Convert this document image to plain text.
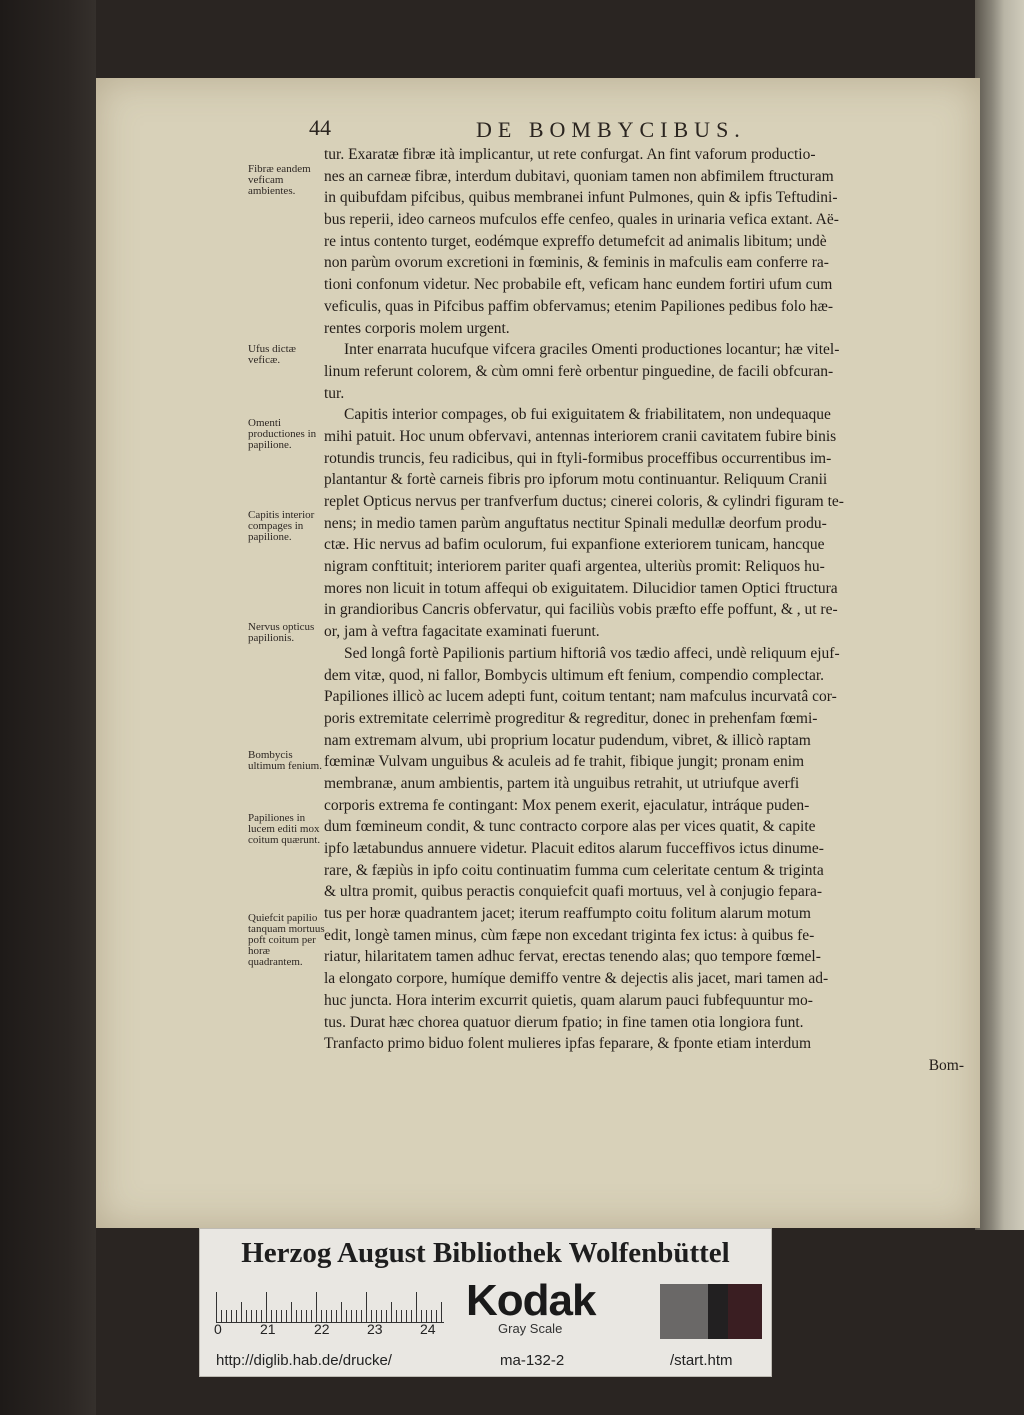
44	DE BOMBYCIBUS.
Fibræ eandem veficam ambientes.
Ufus dictæ veficæ.
Omenti productiones in papilione.
Capitis interior compages in papilione.
Nervus opticus papilionis.
Bombycis ultimum fenium.
Papiliones in lucem editi mox coitum quærunt.
Quiefcit papilio tanquam mortuus poft coitum per horæ quadrantem.
tur. Exaratæ fibræ ità implicantur, ut rete confurgat. An fint vaforum productio-
nes an carneæ fibræ, interdum dubitavi, quoniam tamen non abfimilem ftructuram
in quibufdam pifcibus, quibus membranei infunt Pulmones, quin & ipfis Teftudini-
bus reperii, ideo carneos mufculos effe cenfeo, quales in urinaria vefica extant. Aë-
re intus contento turget, eodémque expreffo detumefcit ad animalis libitum; undè
non parùm ovorum excretioni in fœminis, & feminis in mafculis eam conferre ra-
tioni confonum videtur. Nec probabile eft, veficam hanc eundem fortiri ufum cum
veficulis, quas in Pifcibus paffim obfervamus; etenim Papiliones pedibus folo hæ-
rentes corporis molem urgent.
Inter enarrata hucufque vifcera graciles Omenti productiones locantur; hæ vitel-
linum referunt colorem, & cùm omni ferè orbentur pinguedine, de facili obfcuran-
tur.
Capitis interior compages, ob fui exiguitatem & friabilitatem, non undequaque
mihi patuit. Hoc unum obfervavi, antennas interiorem cranii cavitatem fubire binis
rotundis truncis, feu radicibus, qui in ftyli-formibus proceffibus occurrentibus im-
plantantur & fortè carneis fibris pro ipforum motu continuantur. Reliquum Cranii
replet Opticus nervus per tranfverfum ductus; cinerei coloris, & cylindri figuram te-
nens; in medio tamen parùm anguftatus nectitur Spinali medullæ deorfum produ-
ctæ. Hic nervus ad bafim oculorum, fui expanfione exteriorem tunicam, hancque
nigram conftituit; interiorem pariter quafi argentea, ulteriùs promit: Reliquos hu-
mores non licuit in totum affequi ob exiguitatem. Dilucidior tamen Optici ftructura
in grandioribus Cancris obfervatur, qui faciliùs vobis præfto effe poffunt, & , ut re-
or, jam à veftra fagacitate examinati fuerunt.
Sed longâ fortè Papilionis partium hiftoriâ vos tædio affeci, undè reliquum ejuf-
dem vitæ, quod, ni fallor, Bombycis ultimum eft fenium, compendio complectar.
Papiliones illicò ac lucem adepti funt, coitum tentant; nam mafculus incurvatâ cor-
poris extremitate celerrimè progreditur & regreditur, donec in prehenfam fœmi-
nam extremam alvum, ubi proprium locatur pudendum, vibret, & illicò raptam
fœminæ Vulvam unguibus & aculeis ad fe trahit, fibique jungit; pronam enim
membranæ, anum ambientis, partem ità unguibus retrahit, ut utriufque averfi
corporis extrema fe contingant: Mox penem exerit, ejaculatur, intráque puden-
dum fœmineum condit, & tunc contracto corpore alas per vices quatit, & capite
ipfo lætabundus annuere videtur. Placuit editos alarum fucceffivos ictus dinume-
rare, & fæpiùs in ipfo coitu continuatim fumma cum celeritate centum & triginta
& ultra promit, quibus peractis conquiefcit quafi mortuus, vel à conjugio fepara-
tus per horæ quadrantem jacet; iterum reaffumpto coitu folitum alarum motum
edit, longè tamen minus, cùm fæpe non excedant triginta fex ictus: à quibus fe-
riatur, hilaritatem tamen adhuc fervat, erectas tenendo alas; quo tempore fœmel-
la elongato corpore, humíque demiffo ventre & dejectis alis jacet, mari tamen ad-
huc juncta. Hora interim excurrit quietis, quam alarum pauci fubfequuntur mo-
tus. Durat hæc chorea quatuor dierum fpatio; in fine tamen otia longiora funt.
Tranfacto primo biduo folent mulieres ipfas feparare, & fponte etiam interdum
Bom-
Herzog August Bibliothek Wolfenbüttel
0	21	22	23	24
Kodak
Gray Scale
http://diglib.hab.de/drucke/	ma-132-2	/start.htm
